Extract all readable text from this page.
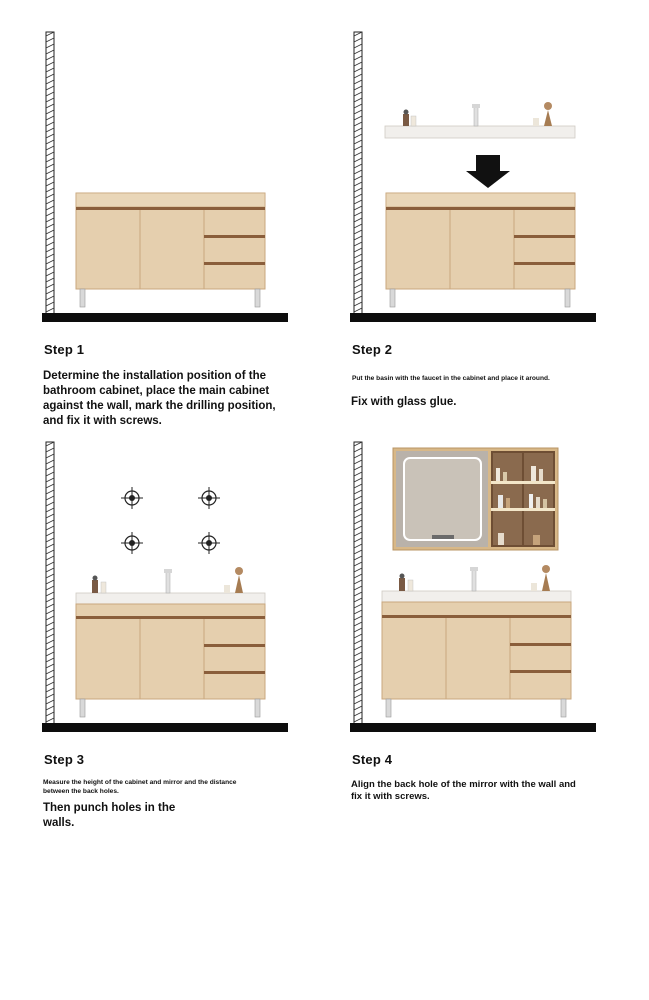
Step 1
Determine the installation position of the
bathroom cabinet, place the main cabinet
against the wall, mark the drilling position,
and fix it with screws.
Step 2
Put the basin with the faucet in the cabinet and place it around.
Fix with glass glue.
Step 3
Measure the height of the cabinet and mirror and the distance
between the back holes.
Then punch holes in the
walls.
Step 4
Align the back hole of the mirror with the wall and
fix it with screws.
